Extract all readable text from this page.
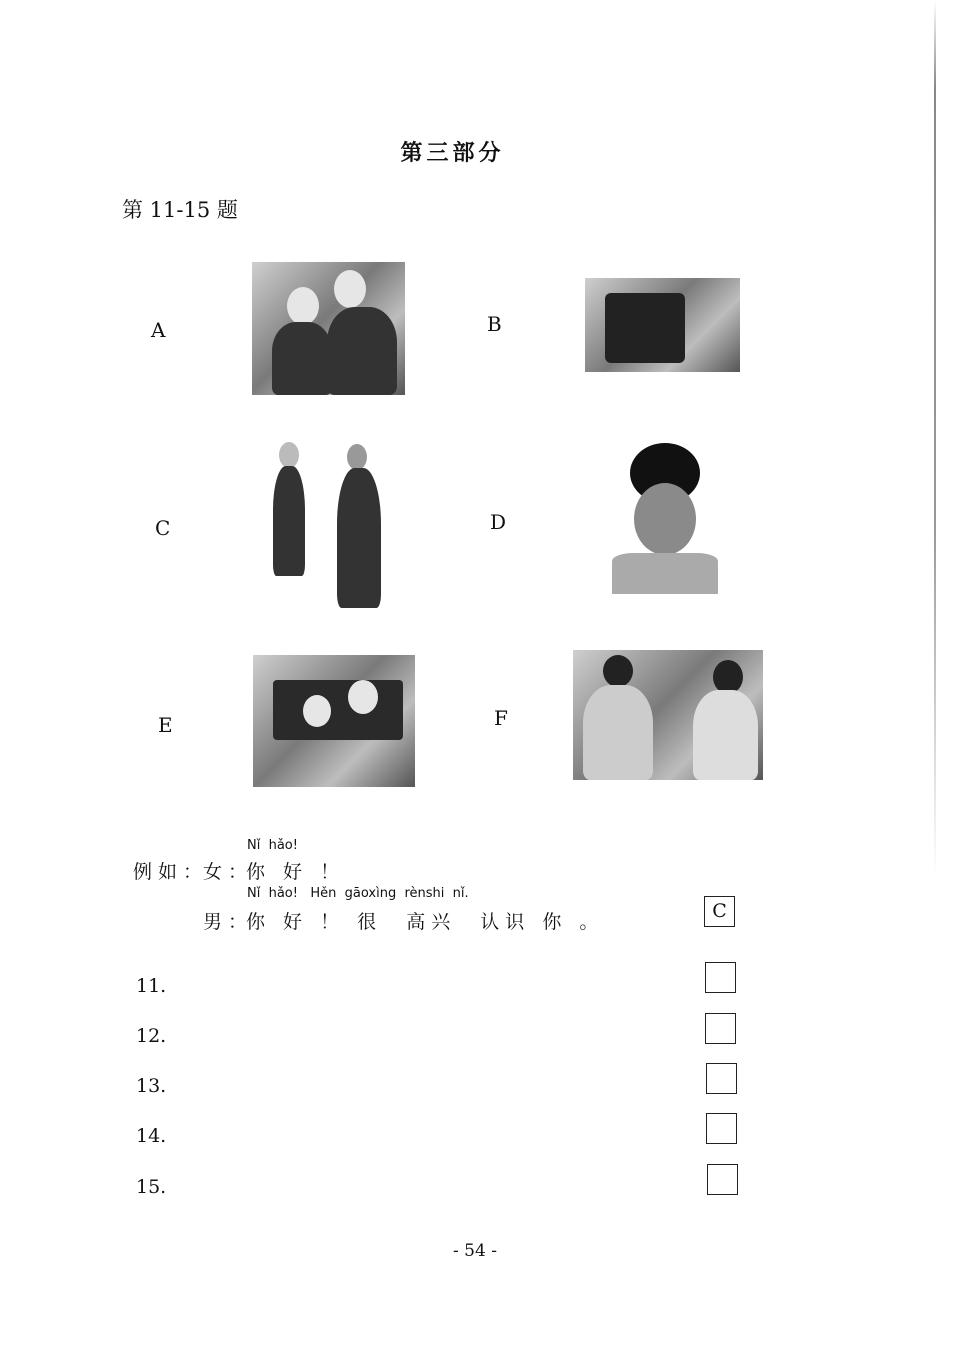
第三部分
第 11-15 题
A	B
C	D
E	F
例如：
女：
Nǐ  hǎo!
你 好 ！
男：
Nǐ  hǎo!   Hěn  gāoxìng  rènshi  nǐ.
你 好 ！ 很  高兴  认识 你 。	C
11.
12.
13.
14.
15.
- 54 -
